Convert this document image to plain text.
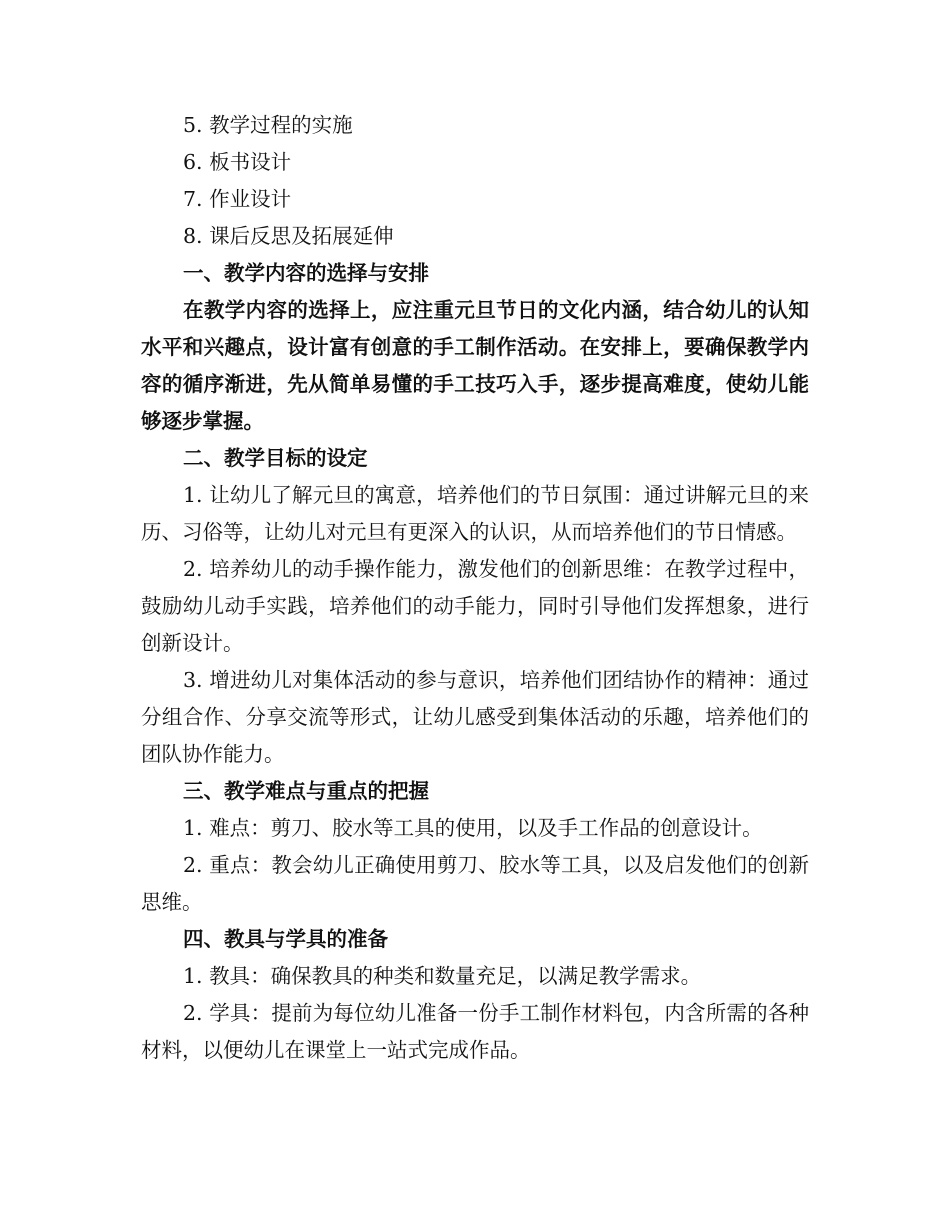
5. 教学过程的实施

6. 板书设计

7. 作业设计

8. 课后反思及拓展延伸

一、教学内容的选择与安排

在教学内容的选择上，应注重元旦节日的文化内涵，结合幼儿的认知水平和兴趣点，设计富有创意的手工制作活动。在安排上，要确保教学内容的循序渐进，先从简单易懂的手工技巧入手，逐步提高难度，使幼儿能够逐步掌握。

二、教学目标的设定

1. 让幼儿了解元旦的寓意，培养他们的节日氛围：通过讲解元旦的来历、习俗等，让幼儿对元旦有更深入的认识，从而培养他们的节日情感。

2. 培养幼儿的动手操作能力，激发他们的创新思维：在教学过程中，鼓励幼儿动手实践，培养他们的动手能力，同时引导他们发挥想象，进行创新设计。

3. 增进幼儿对集体活动的参与意识，培养他们团结协作的精神：通过分组合作、分享交流等形式，让幼儿感受到集体活动的乐趣，培养他们的团队协作能力。

三、教学难点与重点的把握

1. 难点：剪刀、胶水等工具的使用，以及手工作品的创意设计。

2. 重点：教会幼儿正确使用剪刀、胶水等工具，以及启发他们的创新思维。

四、教具与学具的准备

1. 教具：确保教具的种类和数量充足，以满足教学需求。

2. 学具：提前为每位幼儿准备一份手工制作材料包，内含所需的各种材料，以便幼儿在课堂上一站式完成作品。
